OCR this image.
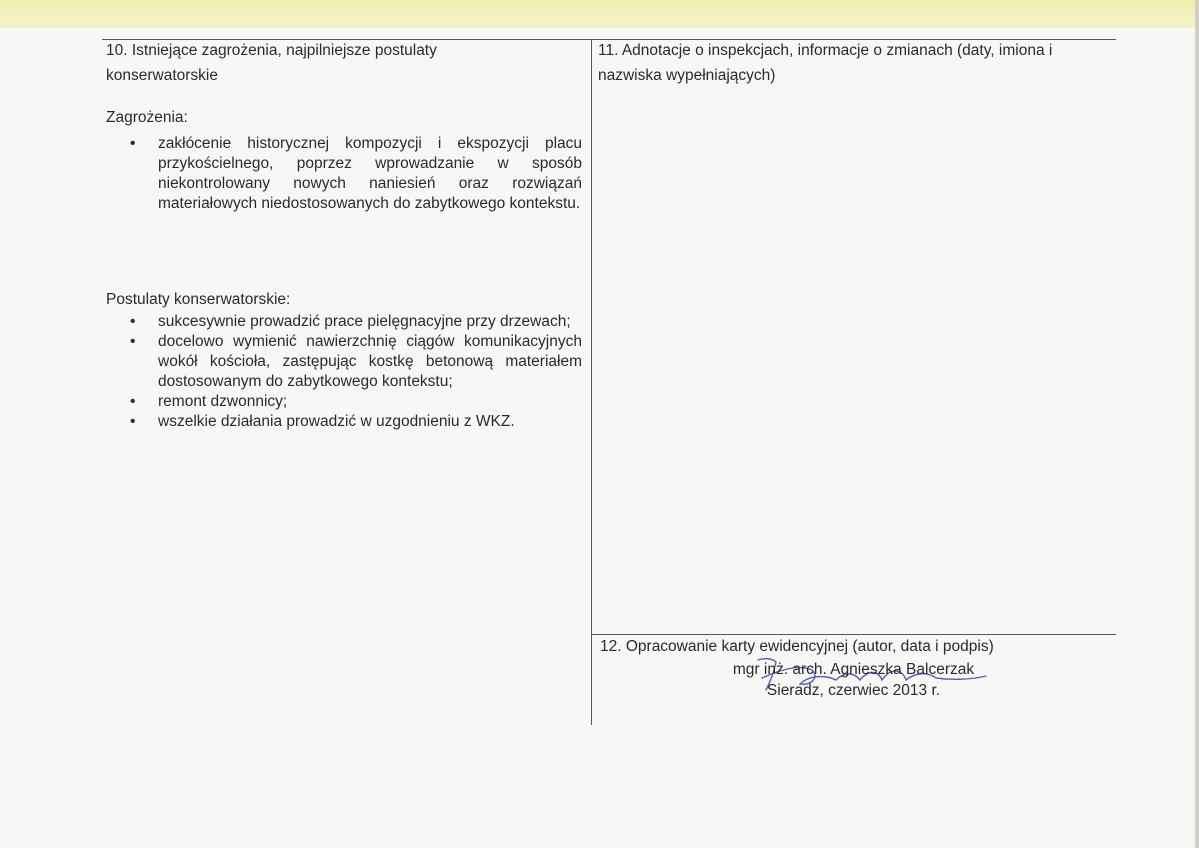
10. Istniejące zagrożenia, najpilniejsze postulaty konserwatorskie
Zagrożenia:
• zakłócenie historycznej kompozycji i ekspozycji placu przykościelnego, poprzez wprowadzanie w sposób niekontrolowany nowych naniesień oraz rozwiązań materiałowych niedostosowanych do zabytkowego kontekstu.
Postulaty konserwatorskie:
• sukcesywnie prowadzić prace pielęgnacyjne przy drzewach;
• docelowo wymienić nawierzchnię ciągów komunikacyjnych wokół kościoła, zastępując kostkę betonową materiałem dostosowanym do zabytkowego kontekstu;
• remont dzwonnicy;
• wszelkie działania prowadzić w uzgodnieniu z WKZ.
11. Adnotacje o inspekcjach, informacje o zmianach (daty, imiona i nazwiska wypełniających)
12. Opracowanie karty ewidencyjnej (autor, data i podpis)
mgr inż. arch. Agnieszka Balcerzak
Sieradz, czerwiec 2013 r.
